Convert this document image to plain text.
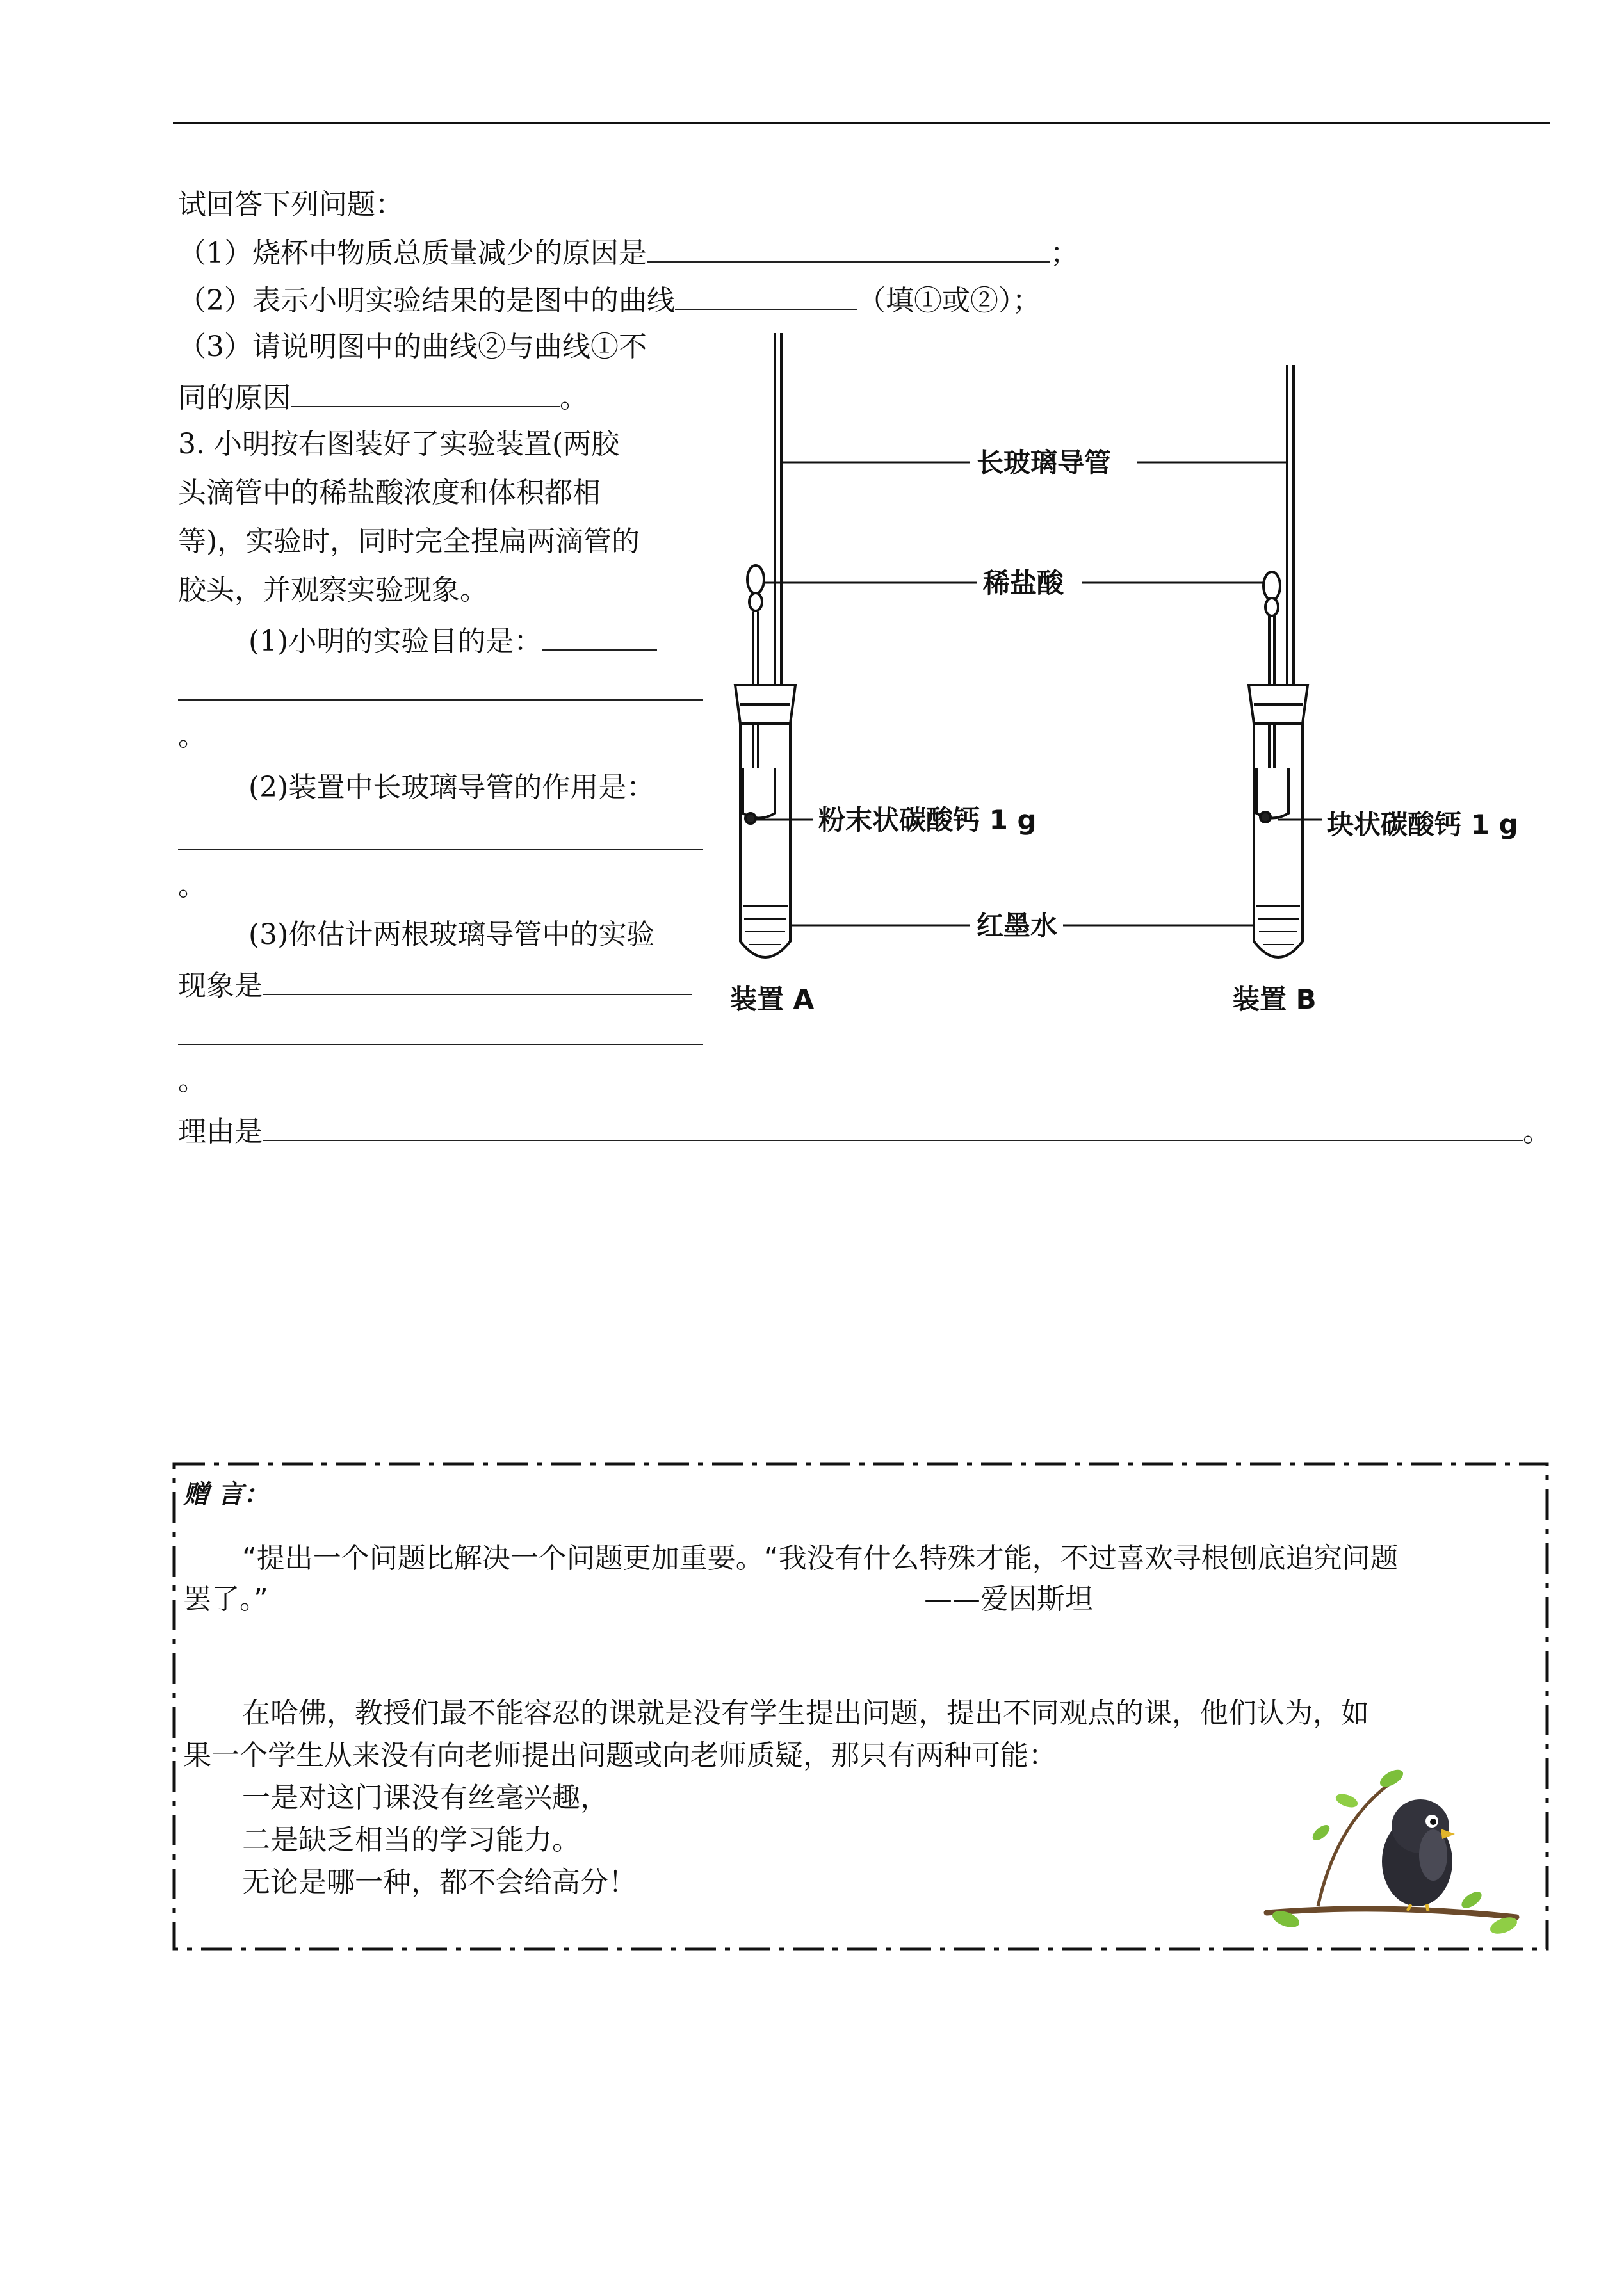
试回答下列问题：
（1）烧杯中物质总质量减少的原因是	；
（2）表示小明实验结果的是图中的曲线	（填①或②）；
（3）请说明图中的曲线②与曲线①不
同的原因	。
3. 小明按右图装好了实验装置(两胶
头滴管中的稀盐酸浓度和体积都相
等)，实验时，同时完全捏扁两滴管的
胶头，并观察实验现象。
(1)小明的实验目的是：
。
(2)装置中长玻璃导管的作用是：
。
(3)你估计两根玻璃导管中的实验
现象是
。
理由是	。
长玻璃导管
稀盐酸
粉末状碳酸钙 1 g	块状碳酸钙 1 g
红墨水
装置 A	装置 B
赠 言：
“提出一个问题比解决一个问题更加重要。“我没有什么特殊才能，不过喜欢寻根刨底追究问题
罢了。”	——爱因斯坦
在哈佛，教授们最不能容忍的课就是没有学生提出问题，提出不同观点的课，他们认为，如
果一个学生从来没有向老师提出问题或向老师质疑，那只有两种可能：
一是对这门课没有丝毫兴趣，
二是缺乏相当的学习能力。
无论是哪一种，都不会给高分！
